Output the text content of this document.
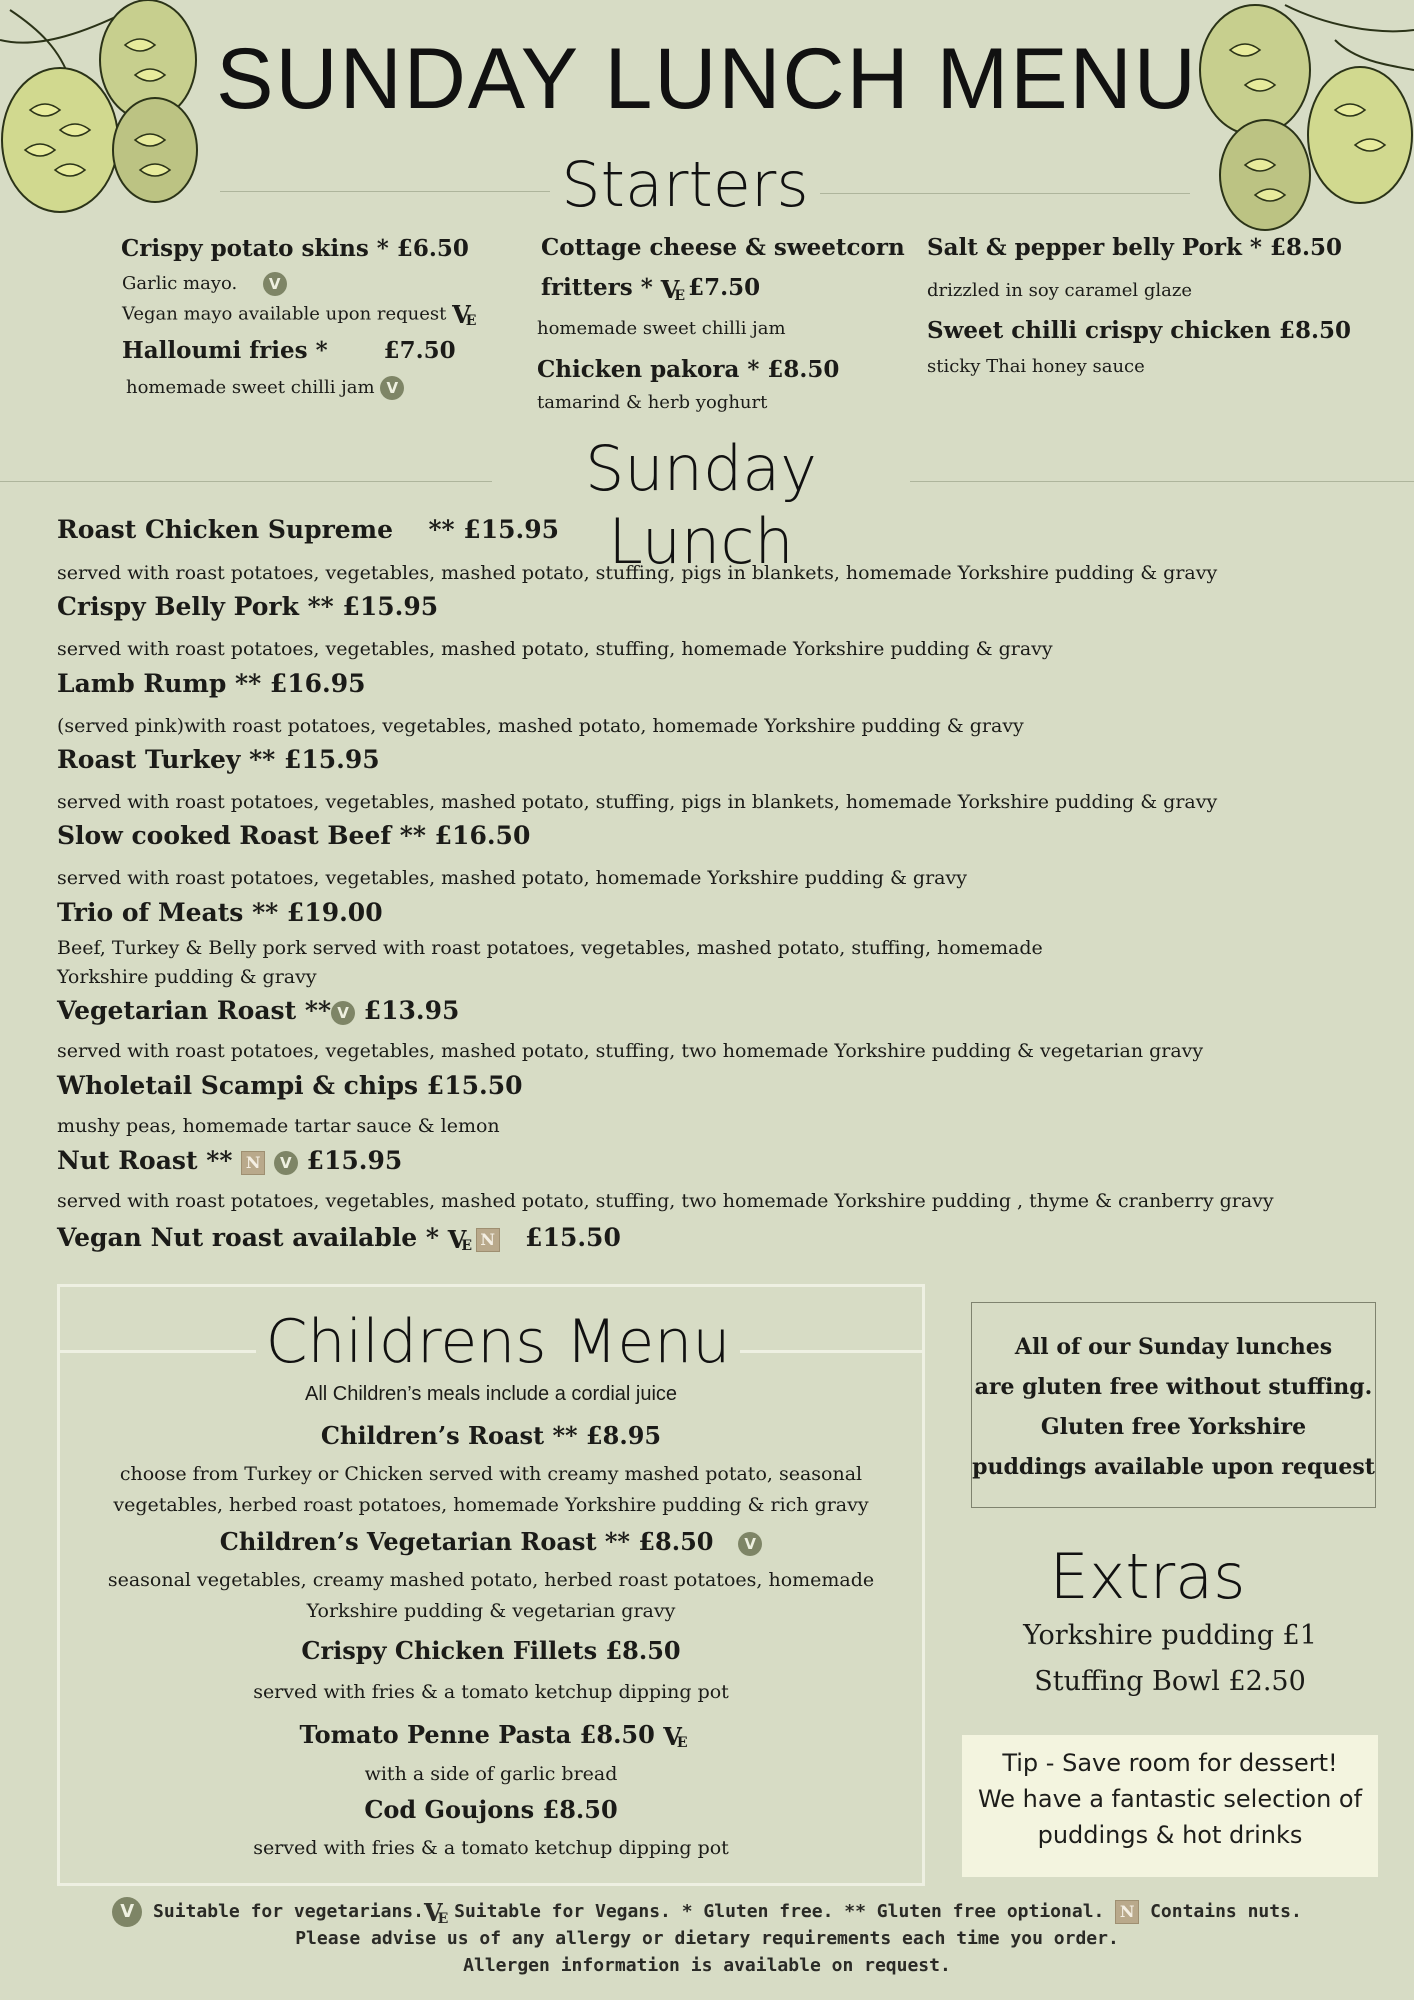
SUNDAY LUNCH MENU
Starters
Crispy potato skins * £6.50
Garlic mayo. V
Vegan mayo available upon request VE
Halloumi fries * £7.50
homemade sweet chilli jam V
Cottage cheese & sweetcorn
fritters * VE £7.50
homemade sweet chilli jam
Chicken pakora * £8.50
tamarind & herb yoghurt
Salt & pepper belly Pork * £8.50
drizzled in soy caramel glaze
Sweet chilli crispy chicken £8.50
sticky Thai honey sauce
Sunday Lunch
Roast Chicken Supreme ** £15.95
served with roast potatoes, vegetables, mashed potato, stuffing, pigs in blankets, homemade Yorkshire pudding & gravy
Crispy Belly Pork ** £15.95
served with roast potatoes, vegetables, mashed potato, stuffing, homemade Yorkshire pudding & gravy
Lamb Rump ** £16.95
(served pink)with roast potatoes, vegetables, mashed potato, homemade Yorkshire pudding & gravy
Roast Turkey ** £15.95
served with roast potatoes, vegetables, mashed potato, stuffing, pigs in blankets, homemade Yorkshire pudding & gravy
Slow cooked Roast Beef ** £16.50
served with roast potatoes, vegetables, mashed potato, homemade Yorkshire pudding & gravy
Trio of Meats ** £19.00
Beef, Turkey & Belly pork served with roast potatoes, vegetables, mashed potato, stuffing, homemade
Yorkshire pudding & gravy
Vegetarian Roast ** V £13.95
served with roast potatoes, vegetables, mashed potato, stuffing, two homemade Yorkshire pudding & vegetarian gravy
Wholetail Scampi & chips £15.50
mushy peas, homemade tartar sauce & lemon
Nut Roast ** N V £15.95
served with roast potatoes, vegetables, mashed potato, stuffing, two homemade Yorkshire pudding , thyme & cranberry gravy
Vegan Nut roast available * VE N £15.50
Childrens Menu
All Children’s meals include a cordial juice
Children’s Roast ** £8.95
choose from Turkey or Chicken served with creamy mashed potato, seasonal
vegetables, herbed roast potatoes, homemade Yorkshire pudding & rich gravy
Children’s Vegetarian Roast ** £8.50 V
seasonal vegetables, creamy mashed potato, herbed roast potatoes, homemade
Yorkshire pudding & vegetarian gravy
Crispy Chicken Fillets £8.50
served with fries & a tomato ketchup dipping pot
Tomato Penne Pasta £8.50 VE
with a side of garlic bread
Cod Goujons £8.50
served with fries & a tomato ketchup dipping pot
All of our Sunday lunches
are gluten free without stuffing.
Gluten free Yorkshire
puddings available upon request
Extras
Yorkshire pudding £1
Stuffing Bowl £2.50
Tip - Save room for dessert!
We have a fantastic selection of
puddings & hot drinks
V Suitable for vegetarians.VE Suitable for Vegans. * Gluten free. ** Gluten free optional. N Contains nuts.
Please advise us of any allergy or dietary requirements each time you order.
Allergen information is available on request.
